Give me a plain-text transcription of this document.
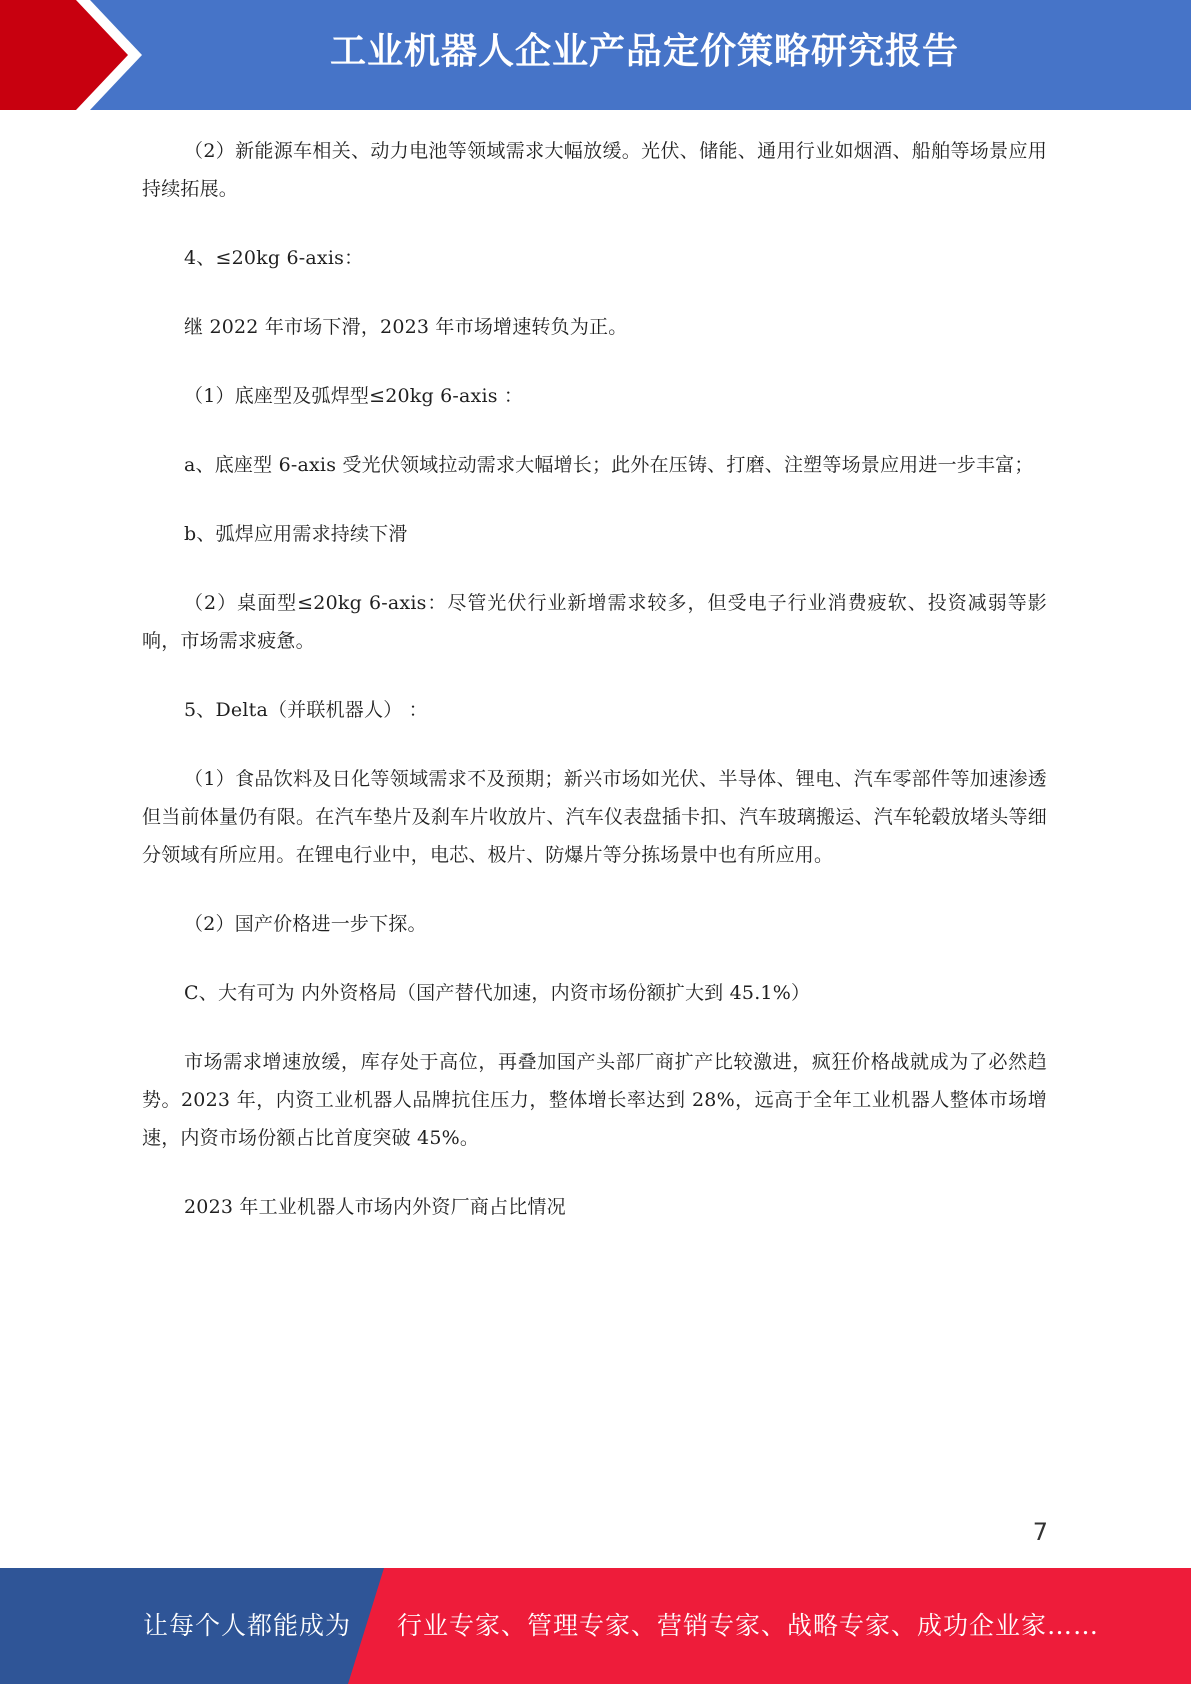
工业机器人企业产品定价策略研究报告

（2）新能源车相关、动力电池等领域需求大幅放缓。光伏、储能、通用行业如烟酒、船舶等场景应用持续拓展。

4、≤20kg 6-axis：

继 2022 年市场下滑，2023 年市场增速转负为正。

（1）底座型及弧焊型≤20kg 6-axis ：

a、底座型 6-axis 受光伏领域拉动需求大幅增长；此外在压铸、打磨、注塑等场景应用进一步丰富；

b、弧焊应用需求持续下滑

（2）桌面型≤20kg 6-axis：尽管光伏行业新增需求较多，但受电子行业消费疲软、投资减弱等影响，市场需求疲惫。

5、Delta（并联机器人） ：

（1）食品饮料及日化等领域需求不及预期；新兴市场如光伏、半导体、锂电、汽车零部件等加速渗透但当前体量仍有限。在汽车垫片及刹车片收放片、汽车仪表盘插卡扣、汽车玻璃搬运、汽车轮毂放堵头等细分领域有所应用。在锂电行业中，电芯、极片、防爆片等分拣场景中也有所应用。

（2）国产价格进一步下探。

C、大有可为 内外资格局（国产替代加速，内资市场份额扩大到 45.1%）

市场需求增速放缓，库存处于高位，再叠加国产头部厂商扩产比较激进，疯狂价格战就成为了必然趋势。2023 年，内资工业机器人品牌抗住压力，整体增长率达到 28%，远高于全年工业机器人整体市场增速，内资市场份额占比首度突破 45%。

2023 年工业机器人市场内外资厂商占比情况

7
让每个人都能成为 行业专家、管理专家、营销专家、战略专家、成功企业家……
